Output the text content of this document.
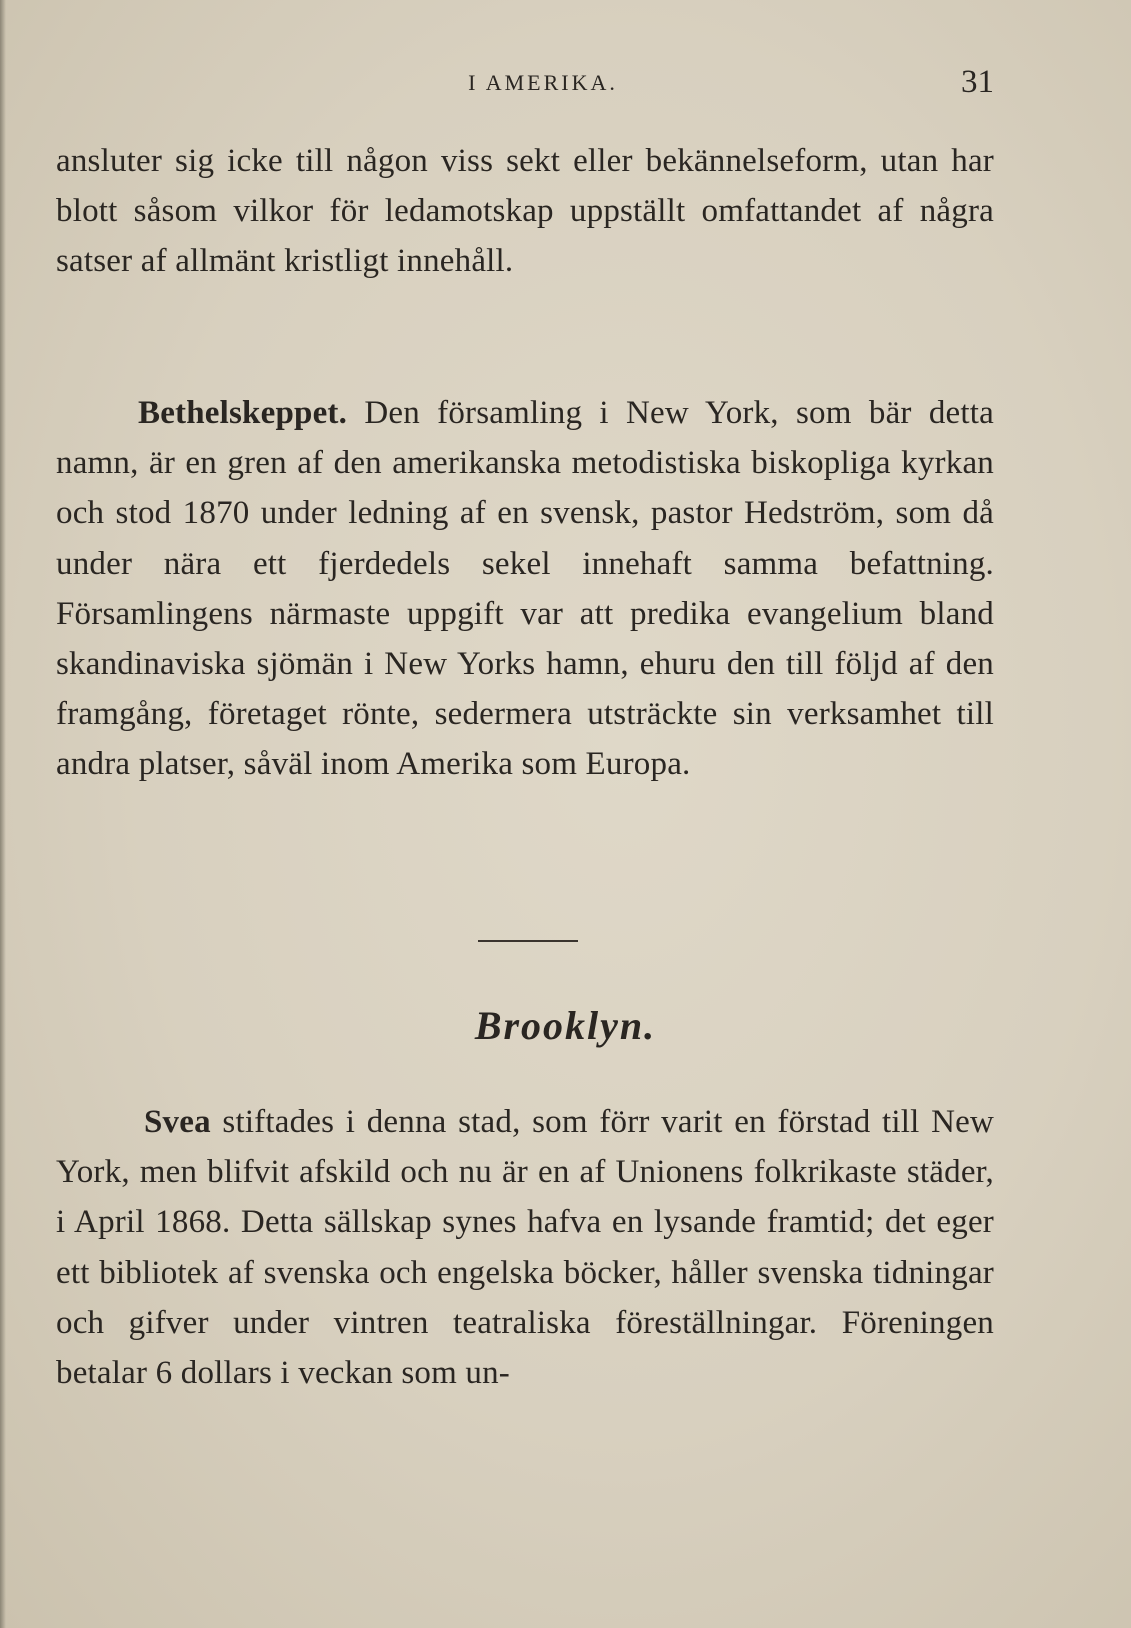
I AMERIKA.	31

ansluter sig icke till någon viss sekt eller bekännelseform, utan har blott såsom vilkor för ledamotskap uppställt omfattandet af några satser af allmänt kristligt innehåll.

Bethelskeppet. Den församling i New York, som bär detta namn, är en gren af den amerikanska metodistiska biskopliga kyrkan och stod 1870 under ledning af en svensk, pastor Hedström, som då under nära ett fjerdedels sekel innehaft samma befattning. Församlingens närmaste uppgift var att predika evangelium bland skandinaviska sjömän i New Yorks hamn, ehuru den till följd af den framgång, företaget rönte, sedermera utsträckte sin verksamhet till andra platser, såväl inom Amerika som Europa.

Brooklyn.

Svea stiftades i denna stad, som förr varit en förstad till New York, men blifvit afskild och nu är en af Unionens folkrikaste städer, i April 1868. Detta sällskap synes hafva en lysande framtid; det eger ett bibliotek af svenska och engelska böcker, håller svenska tidningar och gifver under vintren teatraliska föreställningar. Föreningen betalar 6 dollars i veckan som un-
